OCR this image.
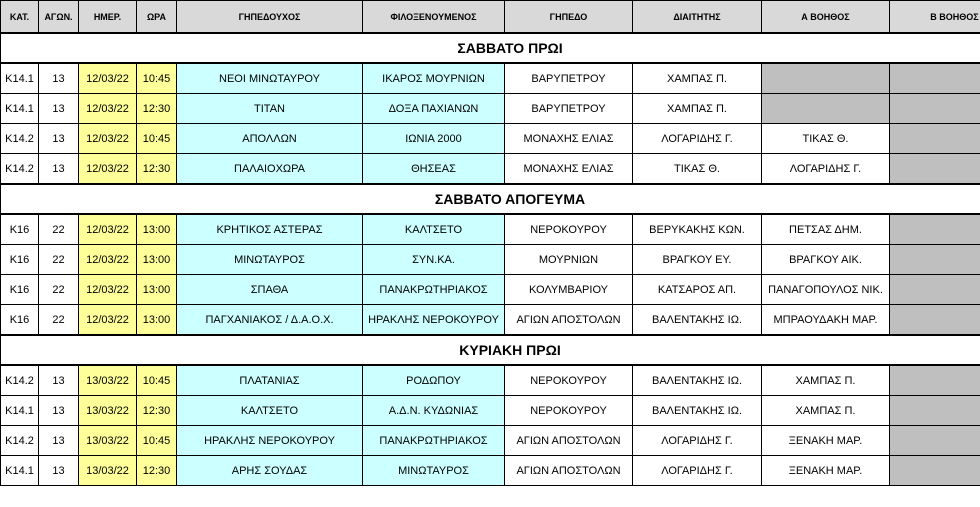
ΚΑΤ.	ΑΓΩΝ.	ΗΜΕΡ.	ΩΡΑ	ΓΗΠΕΔΟΥΧΟΣ	ΦΙΛΟΞΕΝΟΥΜΕΝΟΣ	ΓΗΠΕΔΟ	ΔΙΑΙΤΗΤΗΣ	Α ΒΟΗΘΟΣ	Β ΒΟΗΘΟΣ
ΣΑΒΒΑΤΟ ΠΡΩΙ									
Κ14.1	13	12/03/22	10:45	ΝΕΟΙ ΜΙΝΩΤΑΥΡΟΥ	ΙΚΑΡΟΣ ΜΟΥΡΝΙΩΝ	ΒΑΡΥΠΕΤΡΟΥ	ΧΑΜΠΑΣ Π.		
Κ14.1	13	12/03/22	12:30	ΤΙΤΑΝ	ΔΟΞΑ ΠΑΧΙΑΝΩΝ	ΒΑΡΥΠΕΤΡΟΥ	ΧΑΜΠΑΣ Π.		
Κ14.2	13	12/03/22	10:45	ΑΠΟΛΛΩΝ	ΙΩΝΙΑ 2000	ΜΟΝΑΧΗΣ ΕΛΙΑΣ	ΛΟΓΑΡΙΔΗΣ Γ.	ΤΙΚΑΣ Θ.	
Κ14.2	13	12/03/22	12:30	ΠΑΛΑΙΟΧΩΡΑ	ΘΗΣΕΑΣ	ΜΟΝΑΧΗΣ ΕΛΙΑΣ	ΤΙΚΑΣ Θ.	ΛΟΓΑΡΙΔΗΣ Γ.	
ΣΑΒΒΑΤΟ ΑΠΟΓΕΥΜΑ									
Κ16	22	12/03/22	13:00	ΚΡΗΤΙΚΟΣ ΑΣΤΕΡΑΣ	ΚΑΛΤΣΕΤΟ	ΝΕΡΟΚΟΥΡΟΥ	ΒΕΡΥΚΑΚΗΣ ΚΩΝ.	ΠΕΤΣΑΣ ΔΗΜ.	
Κ16	22	12/03/22	13:00	ΜΙΝΩΤΑΥΡΟΣ	ΣΥΝ.ΚΑ.	ΜΟΥΡΝΙΩΝ	ΒΡΑΓΚΟΥ ΕΥ.	ΒΡΑΓΚΟΥ ΑΙΚ.	
Κ16	22	12/03/22	13:00	ΣΠΑΘΑ	ΠΑΝΑΚΡΩΤΗΡΙΑΚΟΣ	ΚΟΛΥΜΒΑΡΙΟΥ	ΚΑΤΣΑΡΟΣ ΑΠ.	ΠΑΝΑΓΟΠΟΥΛΟΣ ΝΙΚ.	
Κ16	22	12/03/22	13:00	ΠΑΓΧΑΝΙΑΚΟΣ / Δ.Α.Ο.Χ.	ΗΡΑΚΛΗΣ ΝΕΡΟΚΟΥΡΟΥ	ΑΓΙΩΝ ΑΠΟΣΤΟΛΩΝ	ΒΑΛΕΝΤΑΚΗΣ ΙΩ.	ΜΠΡΑΟΥΔΑΚΗ ΜΑΡ.	
ΚΥΡΙΑΚΗ ΠΡΩΙ									
Κ14.2	13	13/03/22	10:45	ΠΛΑΤΑΝΙΑΣ	ΡΟΔΩΠΟΥ	ΝΕΡΟΚΟΥΡΟΥ	ΒΑΛΕΝΤΑΚΗΣ ΙΩ.	ΧΑΜΠΑΣ Π.	
Κ14.1	13	13/03/22	12:30	ΚΑΛΤΣΕΤΟ	Α.Δ.Ν. ΚΥΔΩΝΙΑΣ	ΝΕΡΟΚΟΥΡΟΥ	ΒΑΛΕΝΤΑΚΗΣ ΙΩ.	ΧΑΜΠΑΣ Π.	
Κ14.2	13	13/03/22	10:45	ΗΡΑΚΛΗΣ ΝΕΡΟΚΟΥΡΟΥ	ΠΑΝΑΚΡΩΤΗΡΙΑΚΟΣ	ΑΓΙΩΝ ΑΠΟΣΤΟΛΩΝ	ΛΟΓΑΡΙΔΗΣ Γ.	ΞΕΝΑΚΗ ΜΑΡ.	
Κ14.1	13	13/03/22	12:30	ΑΡΗΣ ΣΟΥΔΑΣ	ΜΙΝΩΤΑΥΡΟΣ	ΑΓΙΩΝ ΑΠΟΣΤΟΛΩΝ	ΛΟΓΑΡΙΔΗΣ Γ.	ΞΕΝΑΚΗ ΜΑΡ.	
